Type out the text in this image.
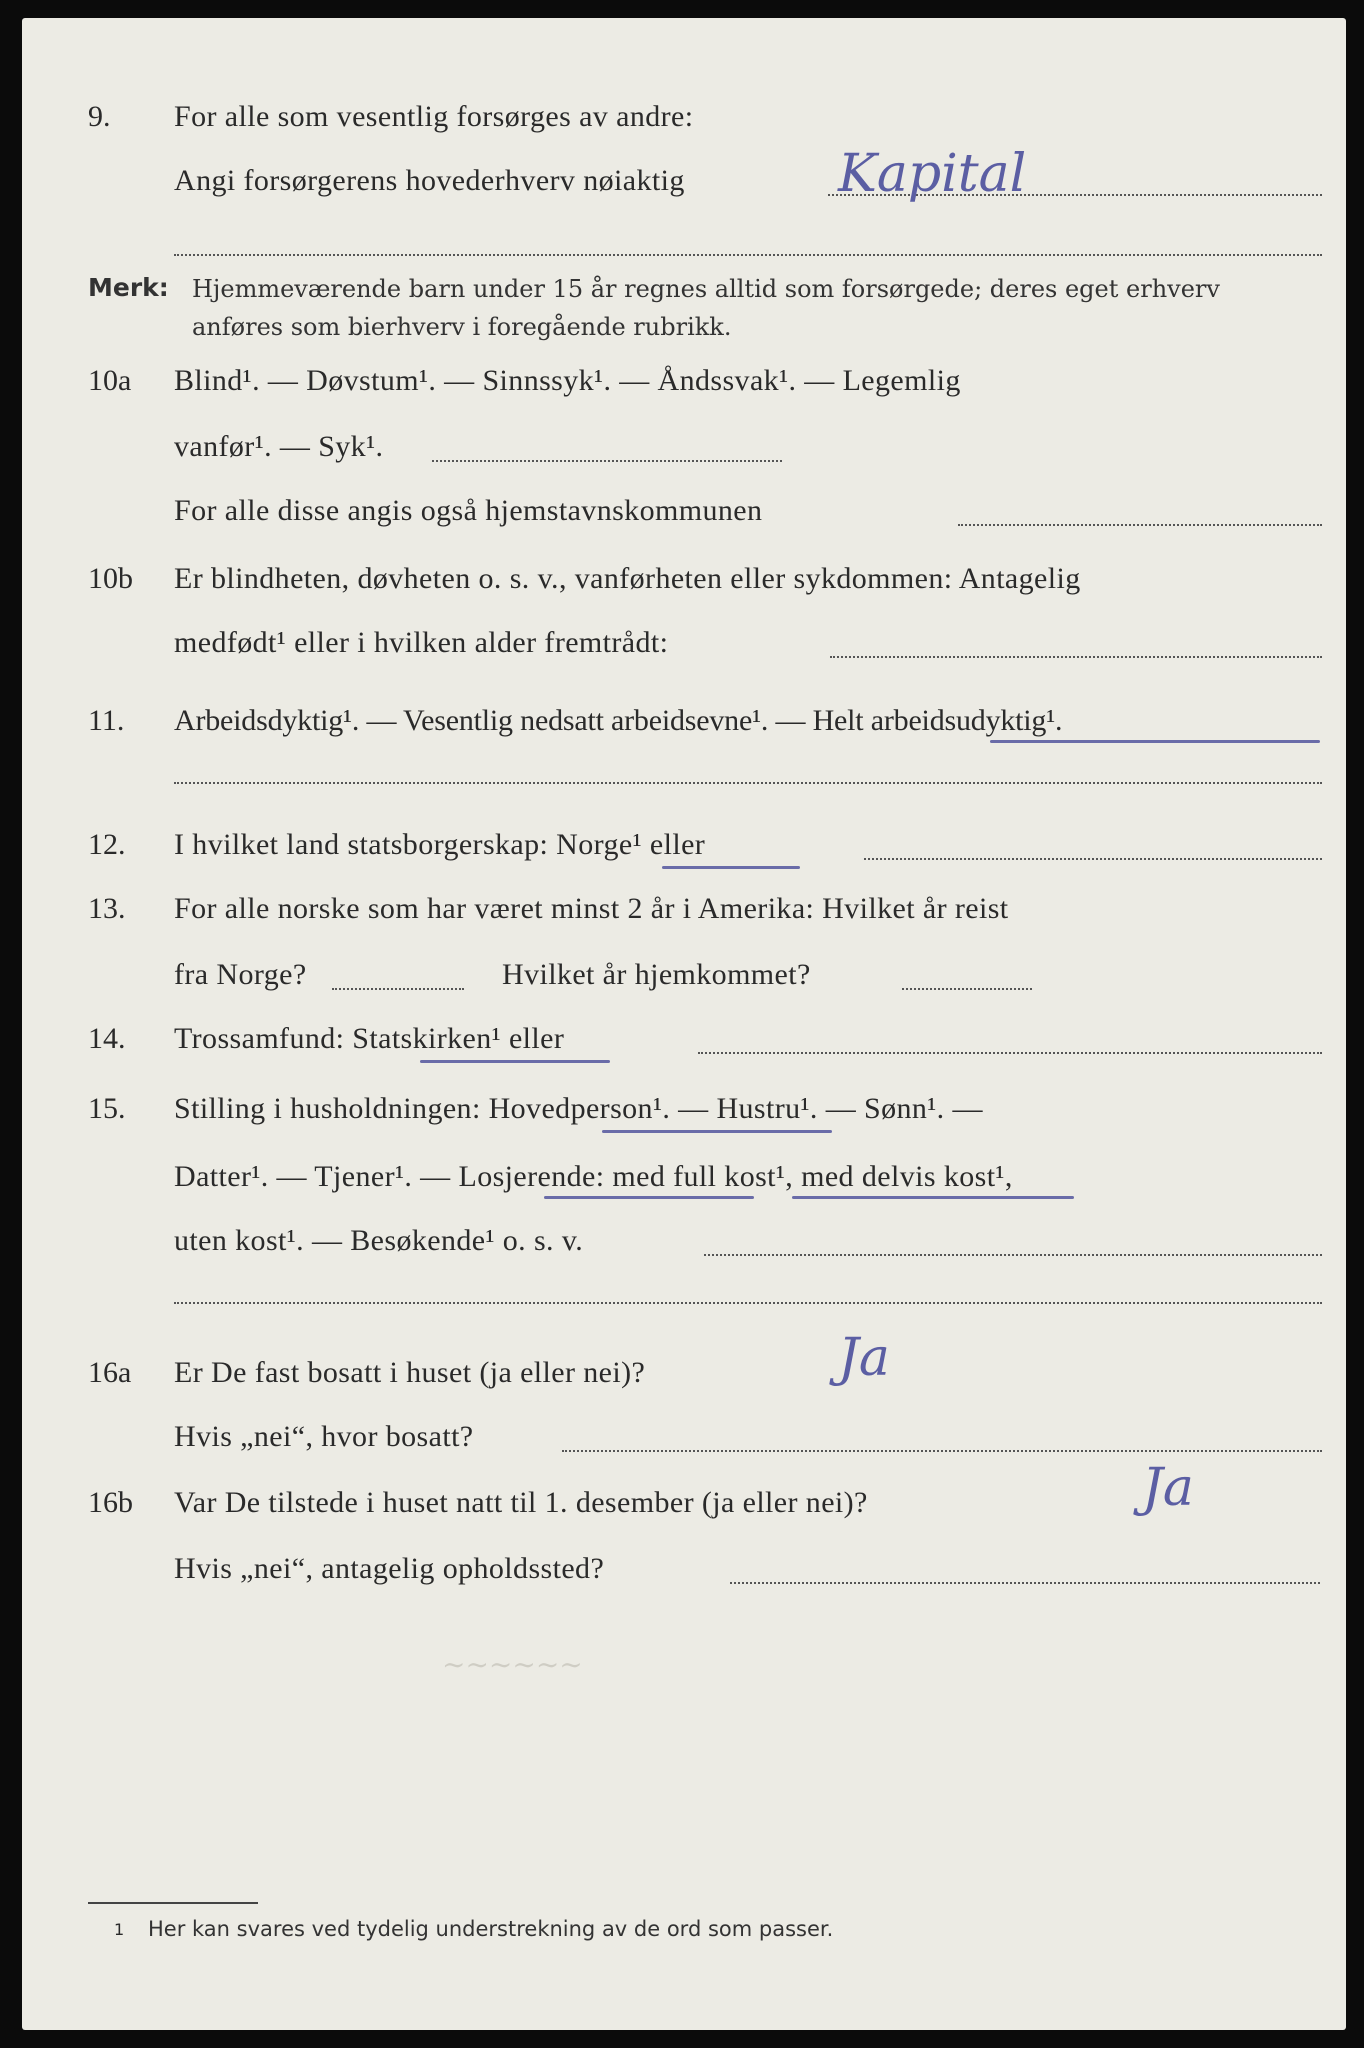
9. For alle som vesentlig forsørges av andre:
Angi forsørgerens hovederhverv nøiaktig	Kapital
Merk: Hjemmeværende barn under 15 år regnes alltid som forsørgede; deres eget erhverv
anføres som bierhverv i foregående rubrikk.
10a Blind¹. — Døvstum¹. — Sinnssyk¹. — Åndssvak¹. — Legemlig
vanfør¹. — Syk¹.
For alle disse angis også hjemstavnskommunen
10b Er blindheten, døvheten o. s. v., vanførheten eller sykdommen: Antagelig
medfødt¹ eller i hvilken alder fremtrådt:
11. Arbeidsdyktig¹. — Vesentlig nedsatt arbeidsevne¹. — Helt arbeidsudyktig¹.
12. I hvilket land statsborgerskap: Norge¹ eller
13. For alle norske som har været minst 2 år i Amerika: Hvilket år reist
fra Norge?	Hvilket år hjemkommet?
14. Trossamfund: Statskirken¹ eller
15. Stilling i husholdningen: Hovedperson¹. — Hustru¹. — Sønn¹. —
Datter¹. — Tjener¹. — Losjerende: med full kost¹, med delvis kost¹,
uten kost¹. — Besøkende¹ o. s. v.
16a Er De fast bosatt i huset (ja eller nei)?	Ja
Hvis „nei“, hvor bosatt?
16b Var De tilstede i huset natt til 1. desember (ja eller nei)?	Ja
Hvis „nei“, antagelig opholdssted?
∼∼∼∼∼∼
1 Her kan svares ved tydelig understrekning av de ord som passer.
